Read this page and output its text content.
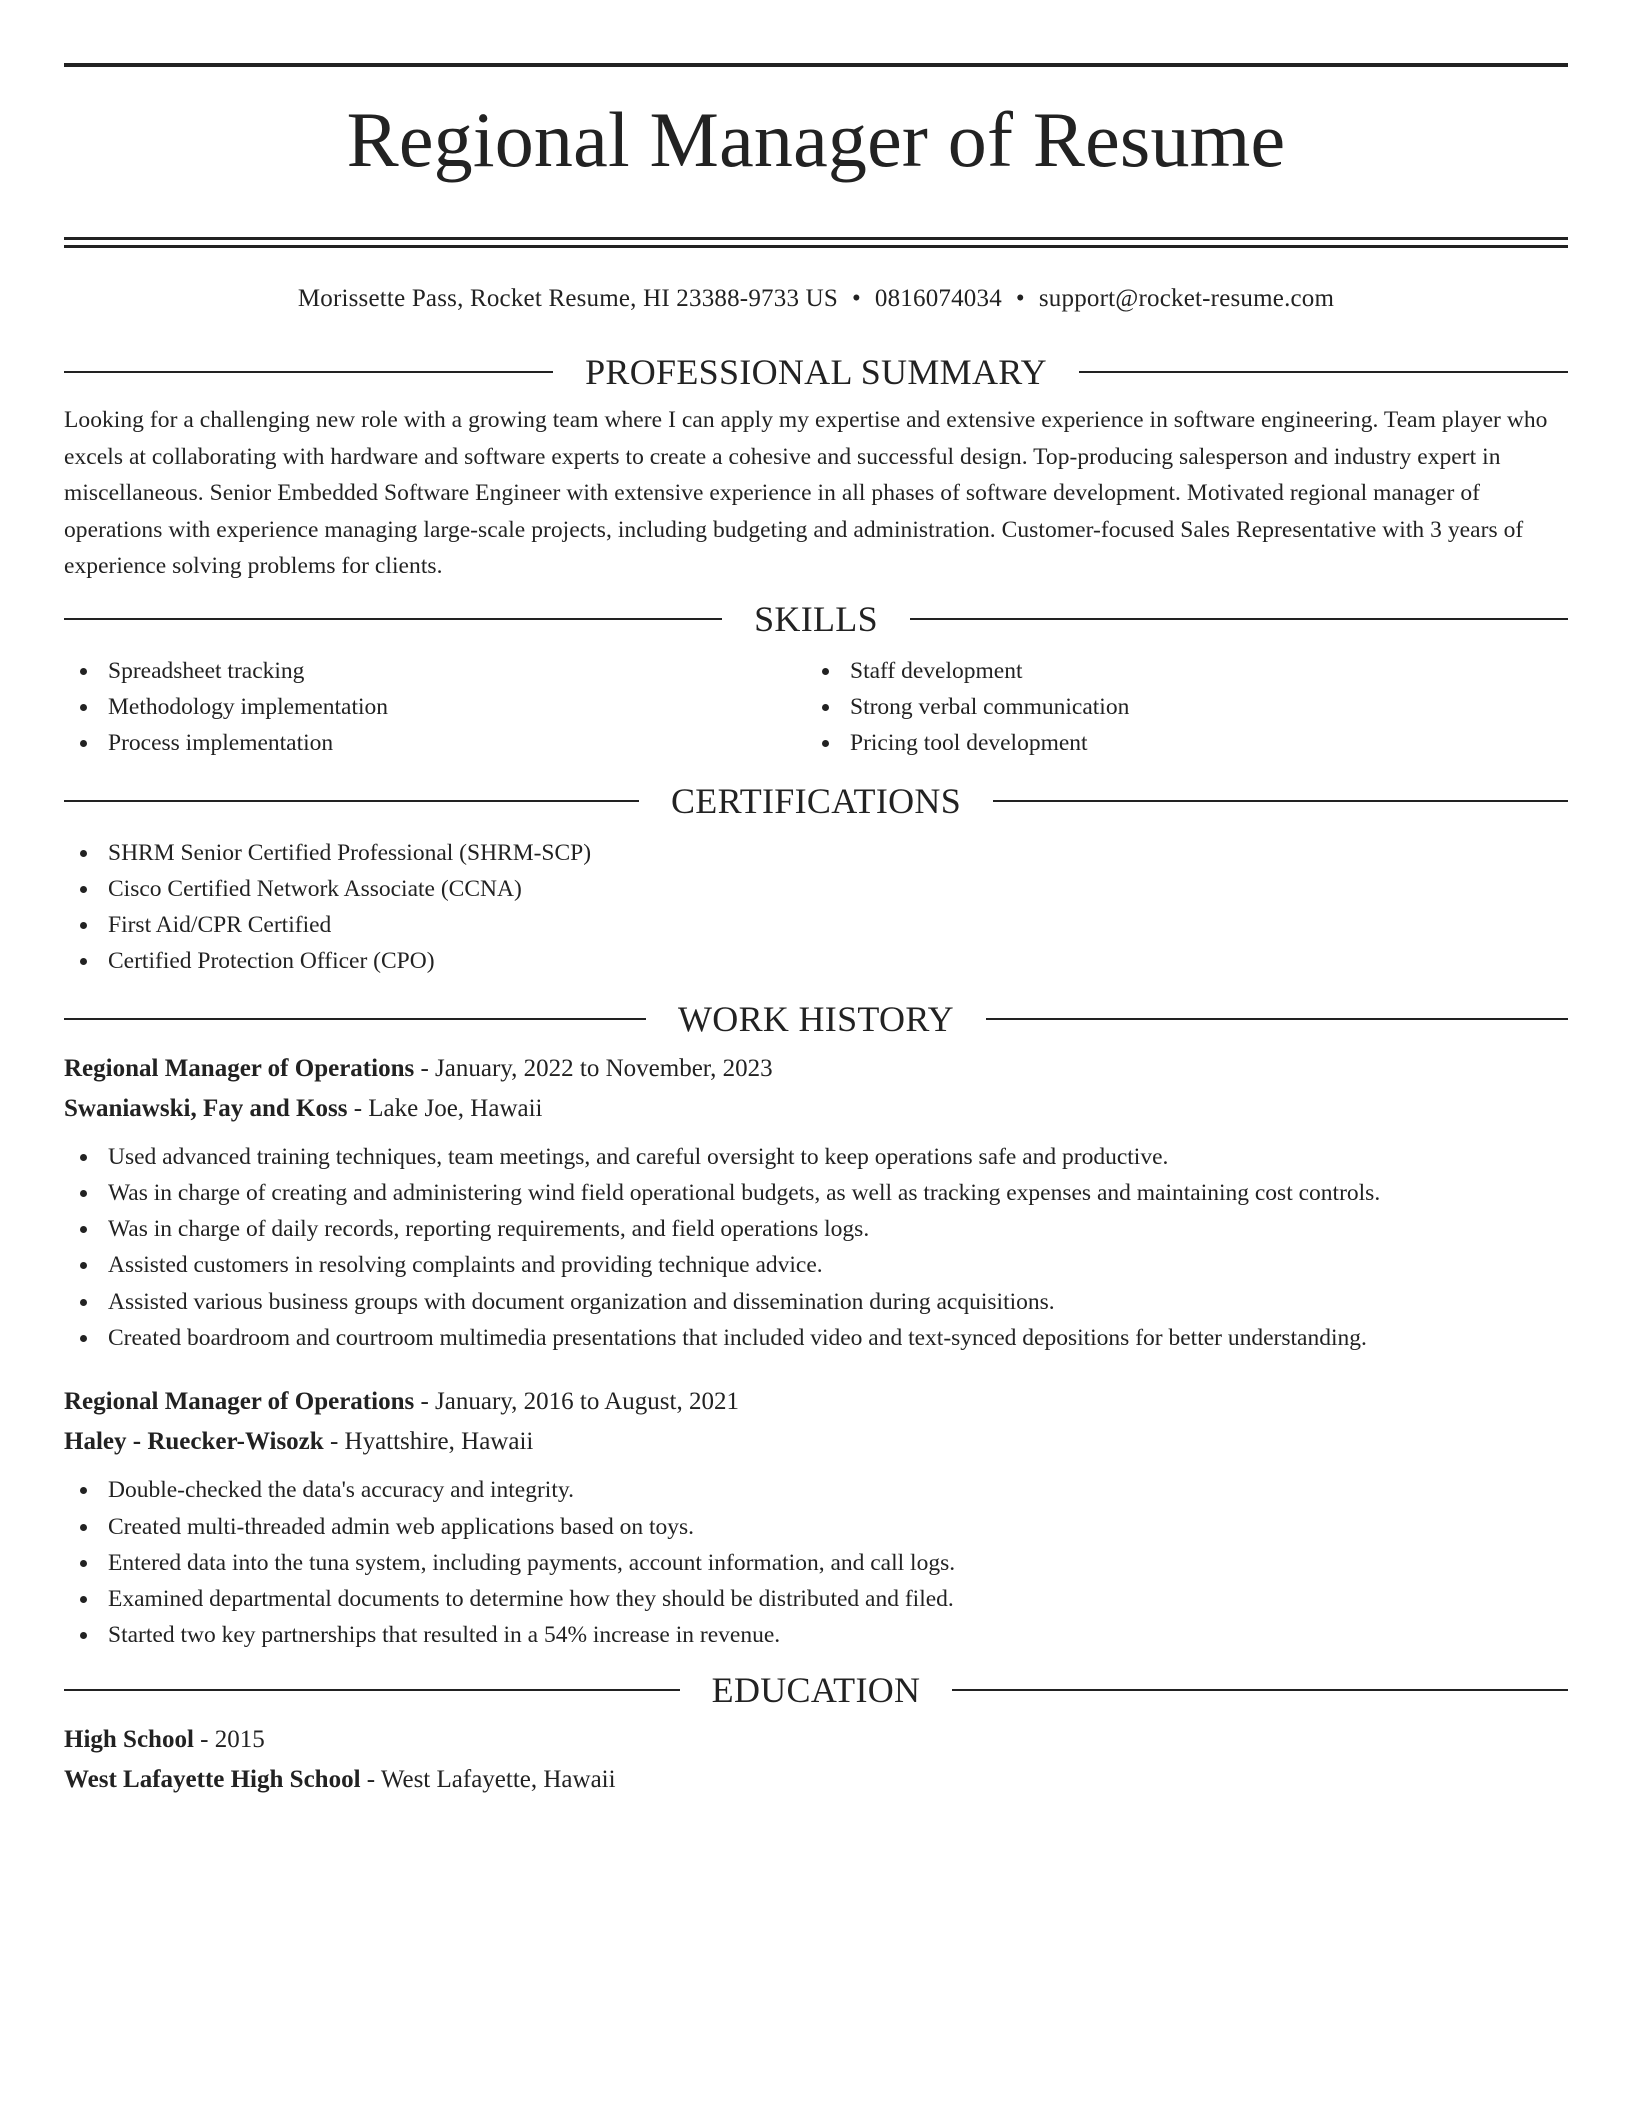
Regional Manager of Resume
Morissette Pass, Rocket Resume, HI 23388-9733 US • 0816074034 • support@rocket-resume.com
PROFESSIONAL SUMMARY

Looking for a challenging new role with a growing team where I can apply my expertise and extensive experience in software engineering. Team player who excels at collaborating with hardware and software experts to create a cohesive and successful design. Top-producing salesperson and industry expert in miscellaneous. Senior Embedded Software Engineer with extensive experience in all phases of software development. Motivated regional manager of operations with experience managing large-scale projects, including budgeting and administration. Customer-focused Sales Representative with 3 years of experience solving problems for clients.

SKILLS
Spreadsheet tracking
Methodology implementation
Process implementation
Staff development
Strong verbal communication
Pricing tool development
CERTIFICATIONS
SHRM Senior Certified Professional (SHRM-SCP)
Cisco Certified Network Associate (CCNA)
First Aid/CPR Certified
Certified Protection Officer (CPO)
WORK HISTORY
Regional Manager of Operations - January, 2022 to November, 2023
Swaniawski, Fay and Koss - Lake Joe, Hawaii
Used advanced training techniques, team meetings, and careful oversight to keep operations safe and productive.
Was in charge of creating and administering wind field operational budgets, as well as tracking expenses and maintaining cost controls.
Was in charge of daily records, reporting requirements, and field operations logs.
Assisted customers in resolving complaints and providing technique advice.
Assisted various business groups with document organization and dissemination during acquisitions.
Created boardroom and courtroom multimedia presentations that included video and text-synced depositions for better understanding.
Regional Manager of Operations - January, 2016 to August, 2021
Haley - Ruecker-Wisozk - Hyattshire, Hawaii
Double-checked the data's accuracy and integrity.
Created multi-threaded admin web applications based on toys.
Entered data into the tuna system, including payments, account information, and call logs.
Examined departmental documents to determine how they should be distributed and filed.
Started two key partnerships that resulted in a 54% increase in revenue.
EDUCATION
High School - 2015
West Lafayette High School - West Lafayette, Hawaii
